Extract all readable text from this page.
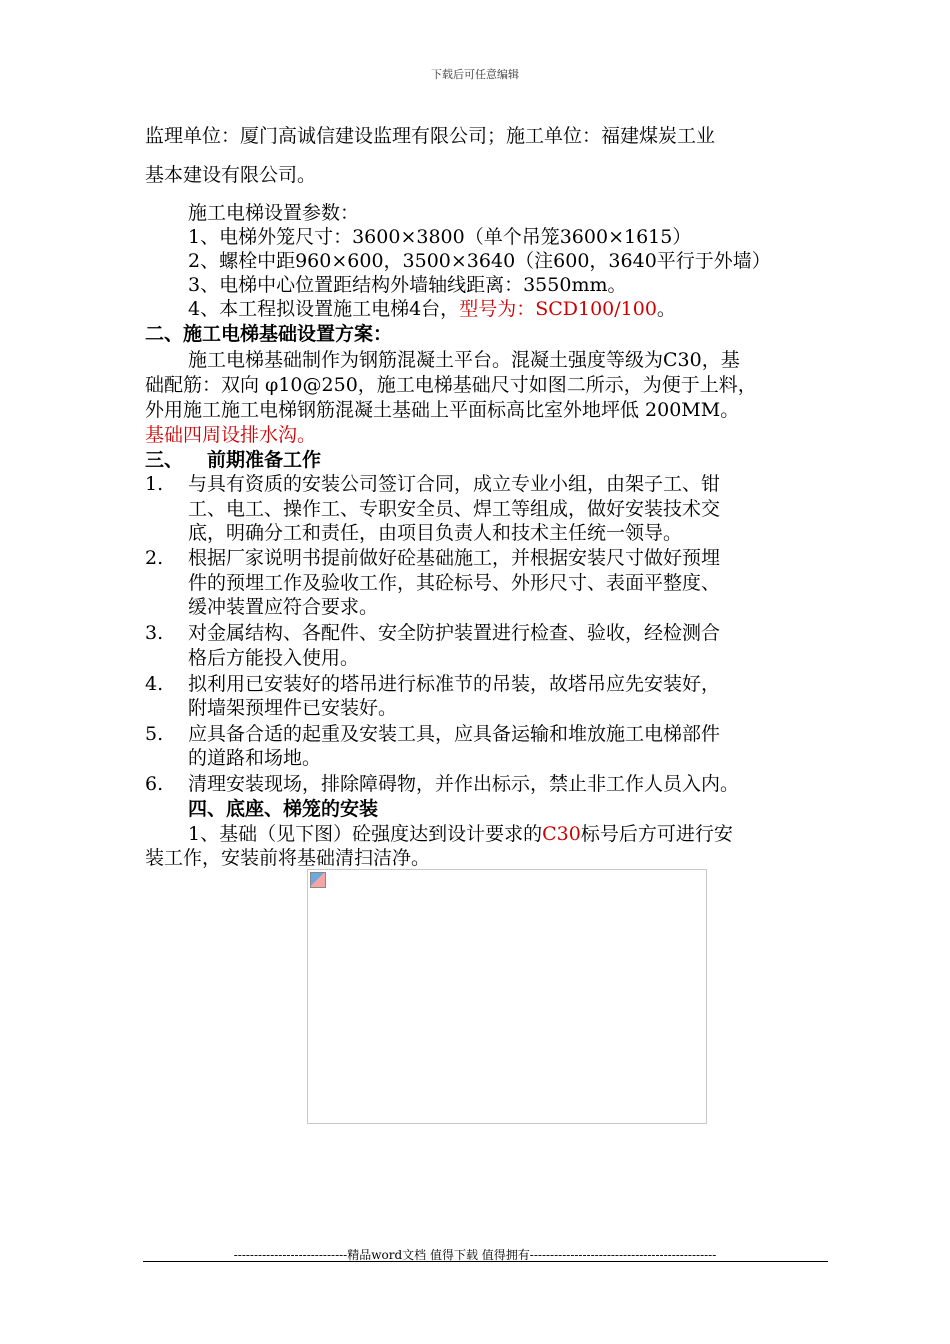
下载后可任意编辑
监理单位：厦门高诚信建设监理有限公司；施工单位：福建煤炭工业
基本建设有限公司。
施工电梯设置参数：
1、电梯外笼尺寸：3600×3800（单个吊笼3600×1615）
2、螺栓中距960×600，3500×3640（注600，3640平行于外墙）
3、电梯中心位置距结构外墙轴线距离：3550mm。
4、本工程拟设置施工电梯4台，型号为：SCD100/100。
二、施工电梯基础设置方案：
施工电梯基础制作为钢筋混凝土平台。混凝土强度等级为C30，基
础配筋：双向 φ10@250，施工电梯基础尺寸如图二所示，为便于上料，
外用施工施工电梯钢筋混凝土基础上平面标高比室外地坪低 200MM。
基础四周设排水沟。
三、 前期准备工作
1. 与具有资质的安装公司签订合同，成立专业小组，由架子工、钳
工、电工、操作工、专职安全员、焊工等组成，做好安装技术交
底，明确分工和责任，由项目负责人和技术主任统一领导。
2. 根据厂家说明书提前做好砼基础施工，并根据安装尺寸做好预埋
件的预埋工作及验收工作，其砼标号、外形尺寸、表面平整度、
缓冲装置应符合要求。
3. 对金属结构、各配件、安全防护装置进行检查、验收，经检测合
格后方能投入使用。
4. 拟利用已安装好的塔吊进行标准节的吊装，故塔吊应先安装好，
附墙架预埋件已安装好。
5. 应具备合适的起重及安装工具，应具备运输和堆放施工电梯部件
的道路和场地。
6. 清理安装现场，排除障碍物，并作出标示，禁止非工作人员入内。
四、底座、梯笼的安装
1、基础（见下图）砼强度达到设计要求的C30标号后方可进行安
装工作，安装前将基础清扫洁净。
----------------------------精品word文档 值得下载 值得拥有----------------------------------------------
